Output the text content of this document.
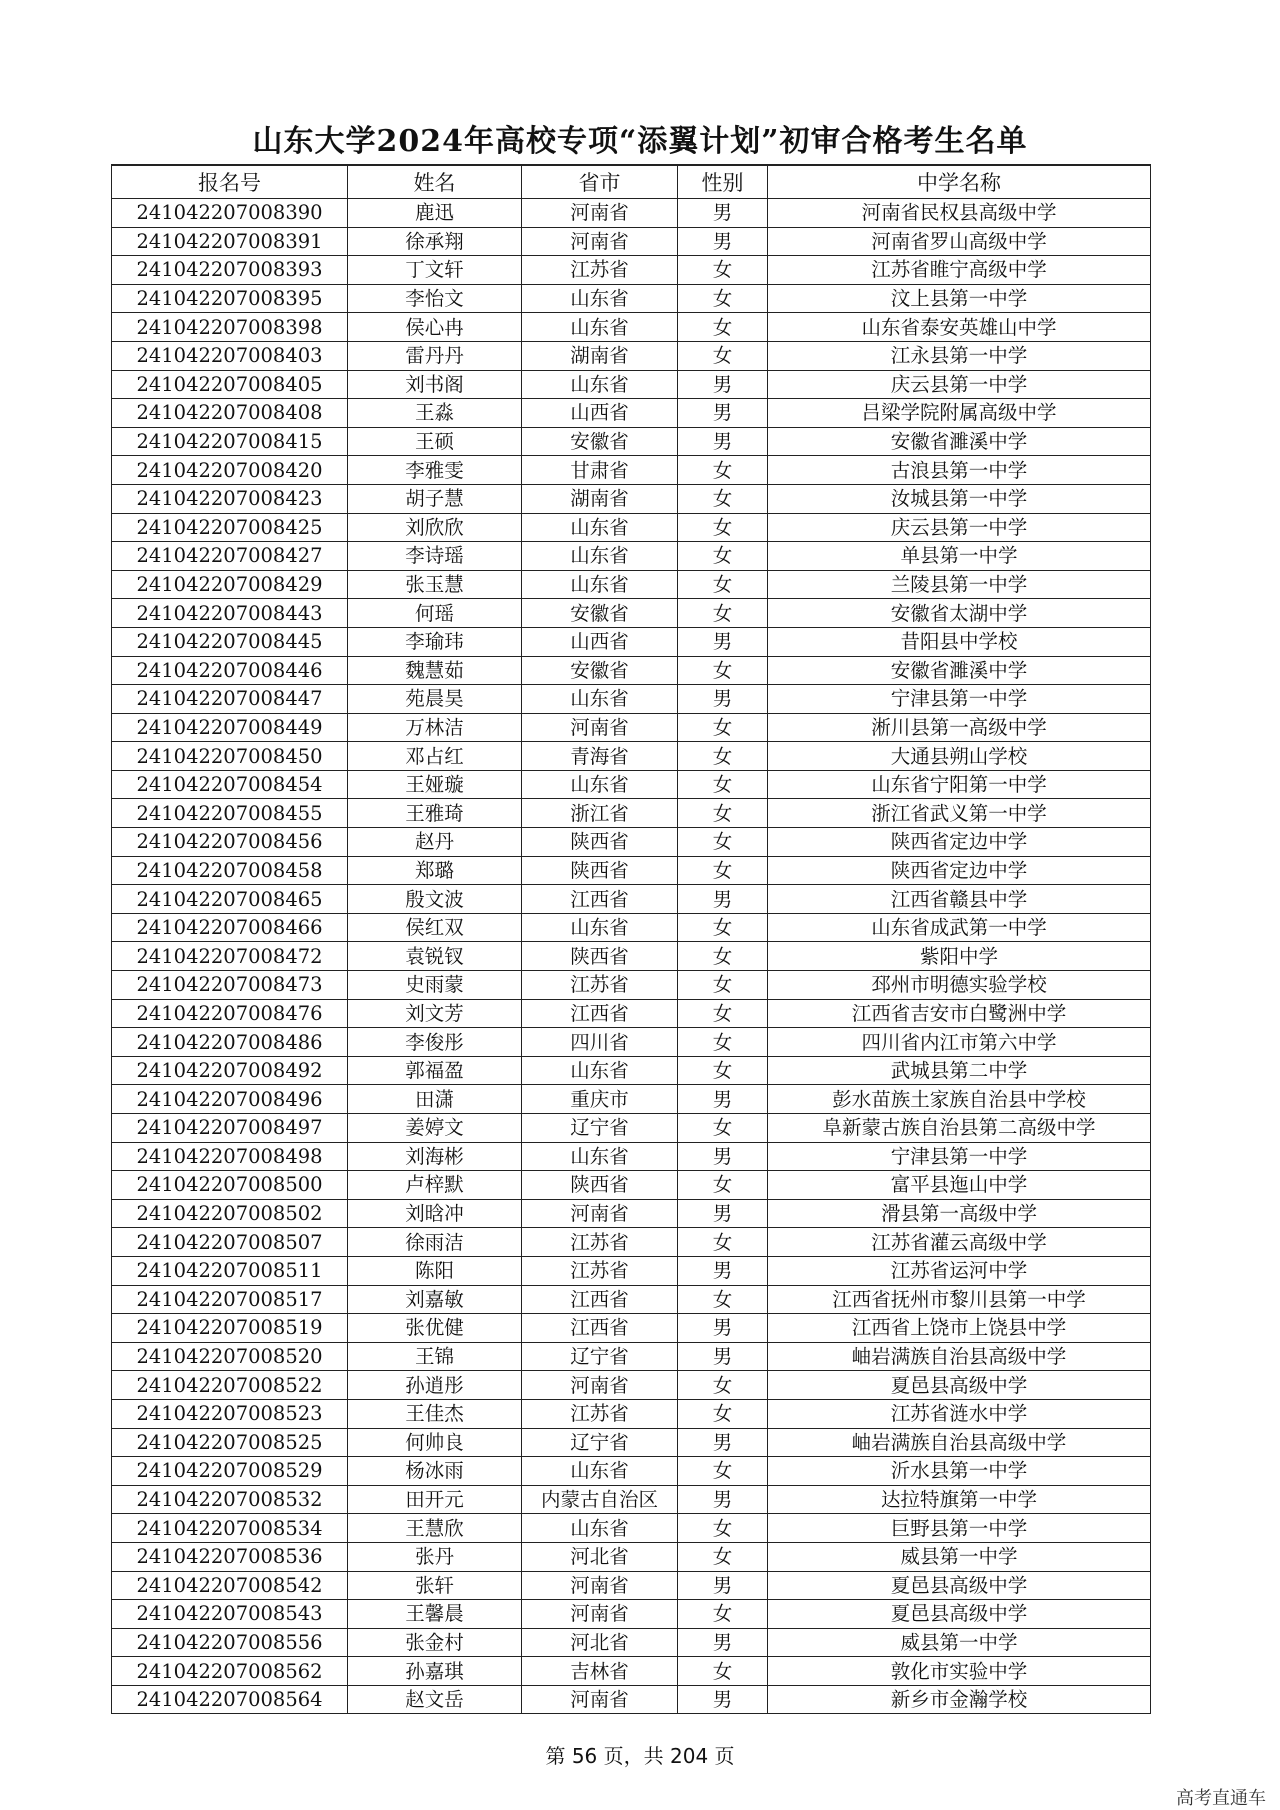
山东大学2024年高校专项“添翼计划”初审合格考生名单
报名号	姓名	省市	性别	中学名称
241042207008390	鹿迅	河南省	男	河南省民权县高级中学
241042207008391	徐承翔	河南省	男	河南省罗山高级中学
241042207008393	丁文轩	江苏省	女	江苏省睢宁高级中学
241042207008395	李怡文	山东省	女	汶上县第一中学
241042207008398	侯心冉	山东省	女	山东省泰安英雄山中学
241042207008403	雷丹丹	湖南省	女	江永县第一中学
241042207008405	刘书阁	山东省	男	庆云县第一中学
241042207008408	王淼	山西省	男	吕梁学院附属高级中学
241042207008415	王硕	安徽省	男	安徽省濉溪中学
241042207008420	李雅雯	甘肃省	女	古浪县第一中学
241042207008423	胡子慧	湖南省	女	汝城县第一中学
241042207008425	刘欣欣	山东省	女	庆云县第一中学
241042207008427	李诗瑶	山东省	女	单县第一中学
241042207008429	张玉慧	山东省	女	兰陵县第一中学
241042207008443	何瑶	安徽省	女	安徽省太湖中学
241042207008445	李瑜玮	山西省	男	昔阳县中学校
241042207008446	魏慧茹	安徽省	女	安徽省濉溪中学
241042207008447	苑晨昊	山东省	男	宁津县第一中学
241042207008449	万林洁	河南省	女	淅川县第一高级中学
241042207008450	邓占红	青海省	女	大通县朔山学校
241042207008454	王娅璇	山东省	女	山东省宁阳第一中学
241042207008455	王雅琦	浙江省	女	浙江省武义第一中学
241042207008456	赵丹	陕西省	女	陕西省定边中学
241042207008458	郑璐	陕西省	女	陕西省定边中学
241042207008465	殷文波	江西省	男	江西省赣县中学
241042207008466	侯红双	山东省	女	山东省成武第一中学
241042207008472	袁锐钗	陕西省	女	紫阳中学
241042207008473	史雨蒙	江苏省	女	邳州市明德实验学校
241042207008476	刘文芳	江西省	女	江西省吉安市白鹭洲中学
241042207008486	李俊彤	四川省	女	四川省内江市第六中学
241042207008492	郭福盈	山东省	女	武城县第二中学
241042207008496	田潇	重庆市	男	彭水苗族土家族自治县中学校
241042207008497	姜婷文	辽宁省	女	阜新蒙古族自治县第二高级中学
241042207008498	刘海彬	山东省	男	宁津县第一中学
241042207008500	卢梓默	陕西省	女	富平县迤山中学
241042207008502	刘晗冲	河南省	男	滑县第一高级中学
241042207008507	徐雨洁	江苏省	女	江苏省灌云高级中学
241042207008511	陈阳	江苏省	男	江苏省运河中学
241042207008517	刘嘉敏	江西省	女	江西省抚州市黎川县第一中学
241042207008519	张优健	江西省	男	江西省上饶市上饶县中学
241042207008520	王锦	辽宁省	男	岫岩满族自治县高级中学
241042207008522	孙逍彤	河南省	女	夏邑县高级中学
241042207008523	王佳杰	江苏省	女	江苏省涟水中学
241042207008525	何帅良	辽宁省	男	岫岩满族自治县高级中学
241042207008529	杨冰雨	山东省	女	沂水县第一中学
241042207008532	田开元	内蒙古自治区	男	达拉特旗第一中学
241042207008534	王慧欣	山东省	女	巨野县第一中学
241042207008536	张丹	河北省	女	威县第一中学
241042207008542	张轩	河南省	男	夏邑县高级中学
241042207008543	王馨晨	河南省	女	夏邑县高级中学
241042207008556	张金村	河北省	男	威县第一中学
241042207008562	孙嘉琪	吉林省	女	敦化市实验中学
241042207008564	赵文岳	河南省	男	新乡市金瀚学校
第 56 页，共 204 页
高考直通车
